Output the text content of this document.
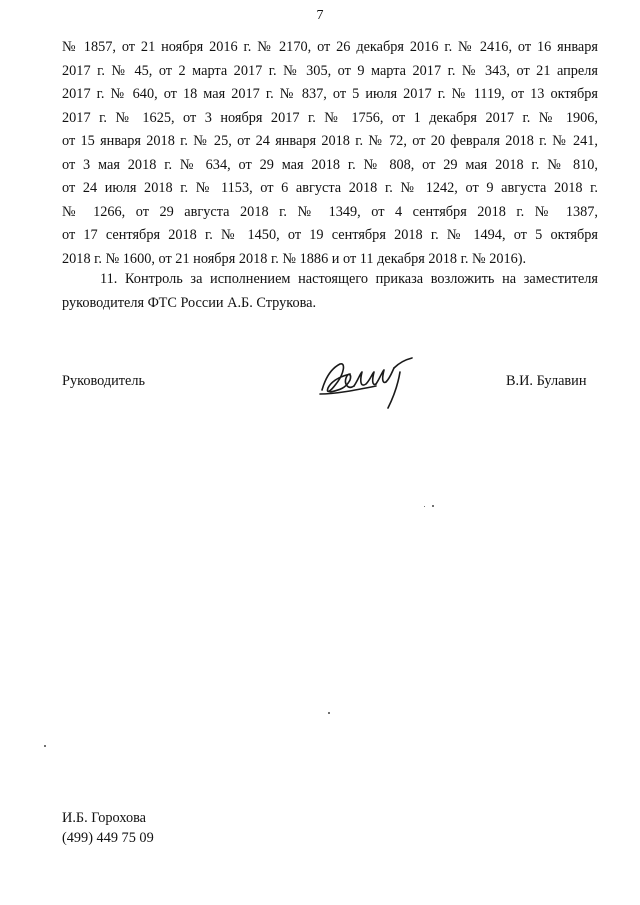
7
№ 1857, от 21 ноября 2016 г. № 2170, от 26 декабря 2016 г. № 2416, от 16 января
2017 г. № 45, от 2 марта 2017 г. № 305, от 9 марта 2017 г. № 343, от 21 апреля
2017 г. № 640, от 18 мая 2017 г. № 837, от 5 июля 2017 г. № 1119, от 13 октября
2017 г. № 1625, от 3 ноября 2017 г. № 1756, от 1 декабря 2017 г. № 1906,
от 15 января 2018 г. № 25, от 24 января 2018 г. № 72, от 20 февраля 2018 г. № 241,
от 3 мая 2018 г. № 634, от 29 мая 2018 г. № 808, от 29 мая 2018 г. № 810,
от 24 июля 2018 г. № 1153, от 6 августа 2018 г. № 1242, от 9 августа 2018 г.
№ 1266, от 29 августа 2018 г. № 1349, от 4 сентября 2018 г. № 1387,
от 17 сентября 2018 г. № 1450, от 19 сентября 2018 г. № 1494, от 5 октября
2018 г. № 1600, от 21 ноября 2018 г. № 1886 и от 11 декабря 2018 г. № 2016).
11. Контроль за исполнением настоящего приказа возложить на заместителя
руководителя ФТС России А.Б. Струкова.
Руководитель	В.И. Булавин
И.Б. Горохова
(499) 449 75 09
